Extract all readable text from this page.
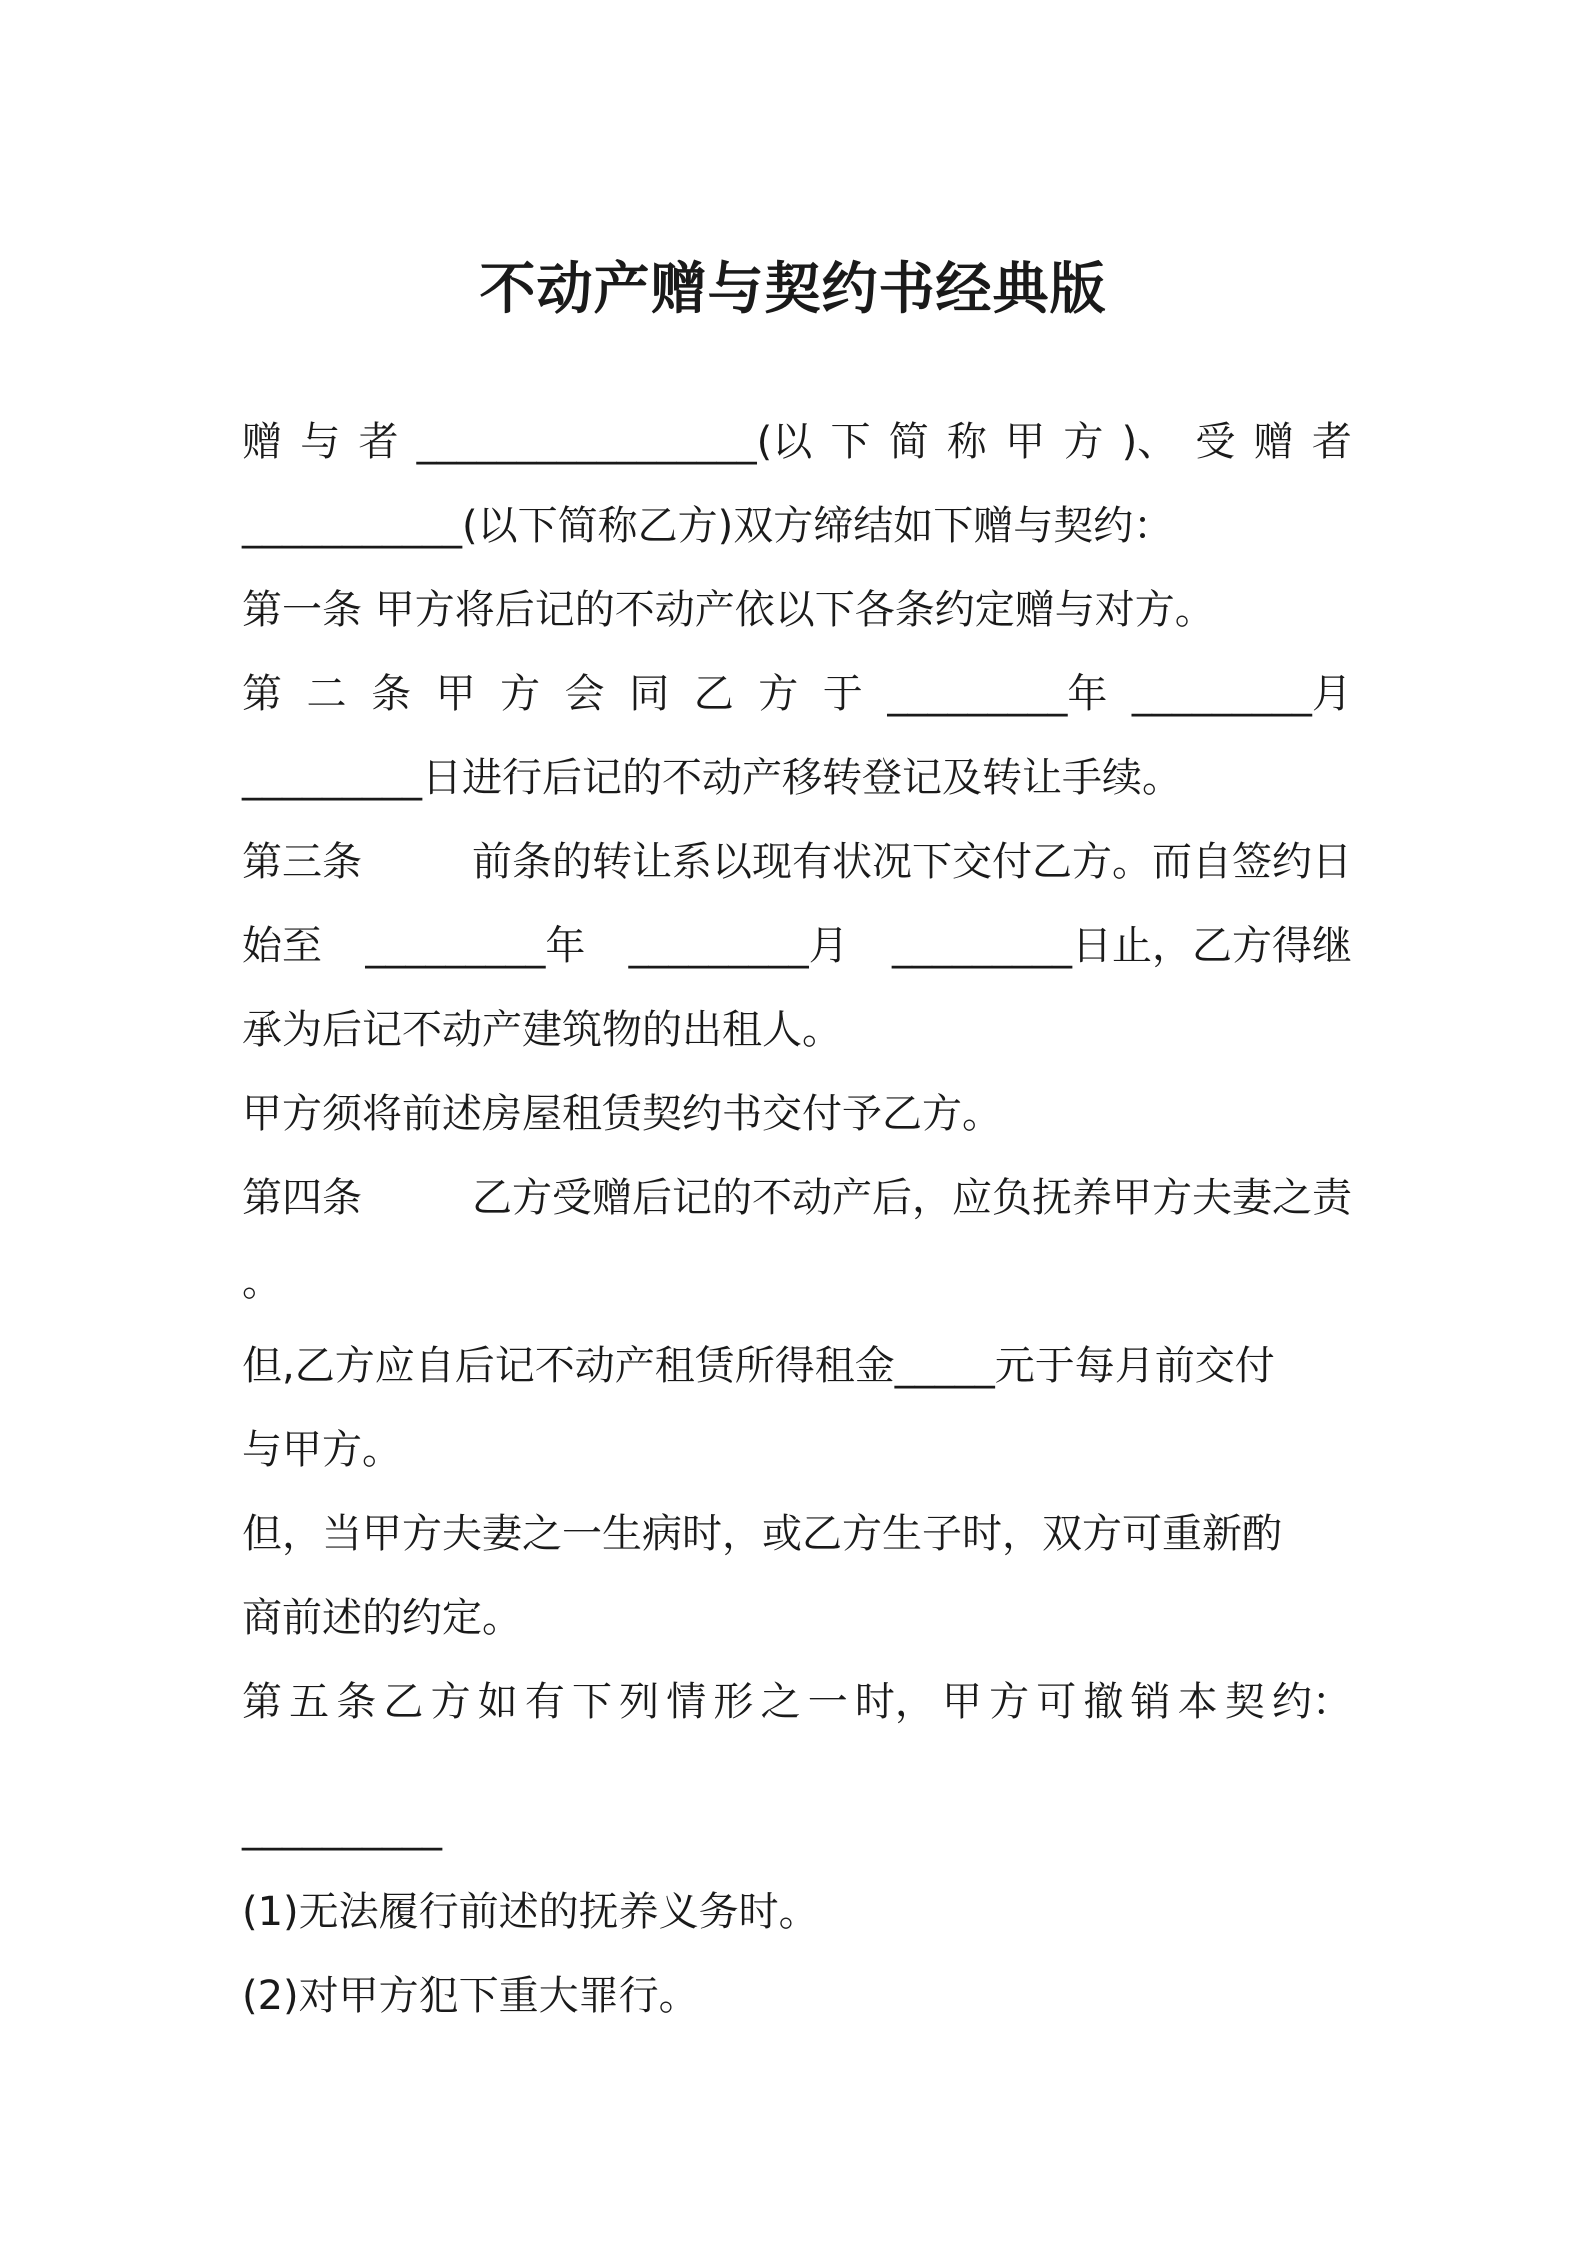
不动产赠与契约书经典版
赠 与 者 _________________(以 下 简 称 甲 方 )、 受 赠 者
___________(以下简称乙方)双方缔结如下赠与契约：
第一条 甲方将后记的不动产依以下各条约定赠与对方。
第 二 条 甲 方 会 同 乙 方 于 _________年 _________月
_________日进行后记的不动产移转登记及转让手续。
第三条	前条的转让系以现有状况下交付乙方。而自签约日
始至 _________年 _________月 _________日止，乙方得继
承为后记不动产建筑物的出租人。
甲方须将前述房屋租赁契约书交付予乙方。
第四条	乙方受赠后记的不动产后，应负抚养甲方夫妻之责
。
但,乙方应自后记不动产租赁所得租金_____元于每月前交付
与甲方。
但，当甲方夫妻之一生病时，或乙方生子时，双方可重新酌
商前述的约定。
第 五 条 乙 方 如 有 下 列 情 形 之 一 时， 甲 方 可 撤 销 本 契 约：
__________
(1)无法履行前述的抚养义务时。
(2)对甲方犯下重大罪行。
